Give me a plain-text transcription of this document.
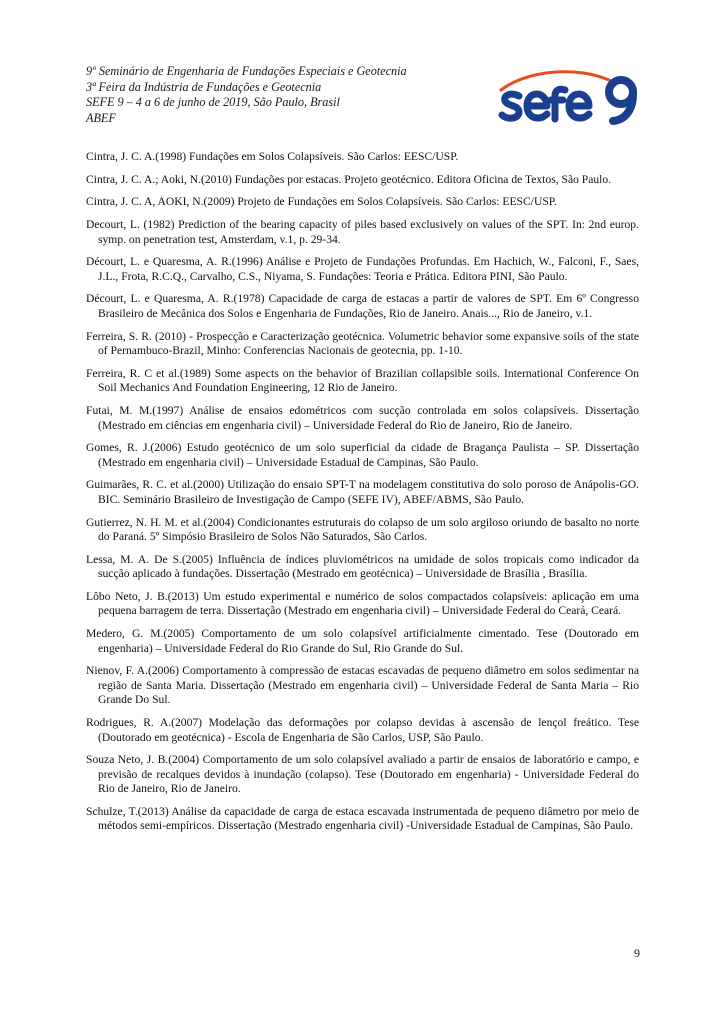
9º Seminário de Engenharia de Fundações Especiais e Geotecnia
3ª Feira da Indústria de Fundações e Geotecnia
SEFE 9 – 4 a 6 de junho de 2019, São Paulo, Brasil
ABEF

Cintra, J. C. A.(1998) Fundações em Solos Colapsíveis. São Carlos: EESC/USP.

Cintra, J. C. A.; Aoki, N.(2010) Fundações por estacas. Projeto geotécnico. Editora Oficina de Textos, São Paulo.

Cintra, J. C. A, AOKI, N.(2009) Projeto de Fundações em Solos Colapsíveis. São Carlos: EESC/USP.

Decourt, L. (1982) Prediction of the bearing capacity of piles based exclusively on values of the SPT. In: 2nd europ. symp. on penetration test, Amsterdam, v.1, p. 29-34.

Décourt, L. e Quaresma, A. R.(1996) Análise e Projeto de Fundações Profundas. Em Hachich, W., Falconi, F., Saes, J.L., Frota, R.C.Q., Carvalho, C.S., Niyama, S. Fundações: Teoria e Prática. Editora PINI, São Paulo.

Décourt, L. e Quaresma, A. R.(1978) Capacidade de carga de estacas a partir de valores de SPT. Em 6º Congresso Brasileiro de Mecânica dos Solos e Engenharia de Fundações, Rio de Janeiro. Anais..., Rio de Janeiro, v.1.

Ferreira, S. R. (2010) - Prospecção e Caracterização geotécnica. Volumetric behavior some expansive soils of the state of Pernambuco-Brazil, Minho: Conferencias Nacionais de geotecnia, pp. 1-10.

Ferreira, R. C et al.(1989) Some aspects on the behavior of Brazilian collapsible soils. International Conference On Soil Mechanics And Foundation Engineering, 12 Rio de Janeiro.

Futai, M. M.(1997) Análise de ensaios edométricos com sucção controlada em solos colapsíveis. Dissertação (Mestrado em ciências em engenharia civil) – Universidade Federal do Rio de Janeiro, Rio de Janeiro.

Gomes, R. J.(2006) Estudo geotécnico de um solo superficial da cidade de Bragança Paulista – SP. Dissertação (Mestrado em engenharia civil) – Universidade Estadual de Campinas, São Paulo.

Guimarães, R. C. et al.(2000) Utilização do ensaio SPT-T na modelagem constitutiva do solo poroso de Anápolis-GO. BIC. Seminário Brasileiro de Investigação de Campo (SEFE IV), ABEF/ABMS, São Paulo.

Gutierrez, N. H. M. et al.(2004) Condicionantes estruturais do colapso de um solo argiloso oriundo de basalto no norte do Paraná. 5º Simpósio Brasileiro de Solos Não Saturados, São Carlos.

Lessa, M. A. De S.(2005) Influência de índices pluviométricos na umidade de solos tropicais como indicador da sucção aplicado à fundações. Dissertação (Mestrado em geotécnica) – Universidade de Brasília , Brasília.

Lôbo Neto, J. B.(2013) Um estudo experimental e numérico de solos compactados colapsíveis: aplicação em uma pequena barragem de terra. Dissertação (Mestrado em engenharia civil) – Universidade Federal do Ceará, Ceará.

Medero, G. M.(2005) Comportamento de um solo colapsível artificialmente cimentado. Tese (Doutorado em engenharia) – Universidade Federal do Rio Grande do Sul, Rio Grande do Sul.

Nienov, F. A.(2006) Comportamento à compressão de estacas escavadas de pequeno diâmetro em solos sedimentar na região de Santa Maria. Dissertação (Mestrado em engenharia civil) – Universidade Federal de Santa Maria – Rio Grande Do Sul.

Rodrigues, R. A.(2007) Modelação das deformações por colapso devidas à ascensão de lençol freático. Tese (Doutorado em geotécnica) - Escola de Engenharia de São Carlos, USP, São Paulo.

Souza Neto, J. B.(2004) Comportamento de um solo colapsível avaliado a partir de ensaios de laboratório e campo, e previsão de recalques devidos à inundação (colapso). Tese (Doutorado em engenharia) - Universidade Federal do Rio de Janeiro, Rio de Janeiro.

Schulze, T.(2013) Análise da capacidade de carga de estaca escavada instrumentada de pequeno diâmetro por meio de métodos semi-empíricos. Dissertação (Mestrado engenharia civil) -Universidade Estadual de Campinas, São Paulo.

9
